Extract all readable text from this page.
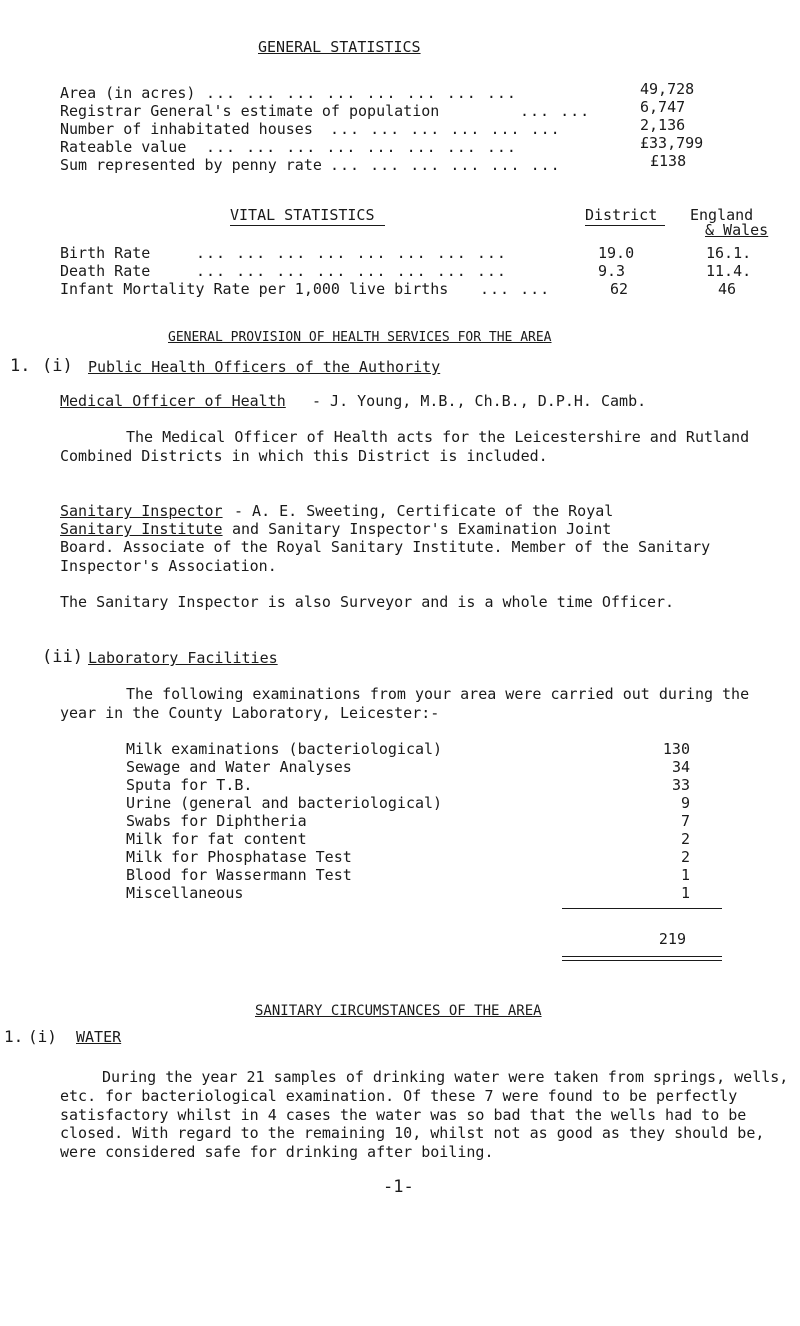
GENERAL STATISTICS
Area (in acres) ... ... ... ... ... ... ... ...	49,728
Registrar General's estimate of population	... ...	6,747
Number of inhabitated houses ... ... ... ... ... ...	2,136
Rateable value ... ... ... ... ... ... ... ...	£33,799
Sum represented by penny rate ... ... ... ... ... ...	£138
VITAL STATISTICS	District England
& Wales
Birth Rate	... ... ... ... ... ... ... ...	19.0	16.1.
Death Rate	... ... ... ... ... ... ... ...	9.3	11.4.
Infant Mortality Rate per 1,000 live births ... ...	62	46
GENERAL PROVISION OF HEALTH SERVICES FOR THE AREA
1. (i) Public Health Officers of the Authority
Medical Officer of Health - J. Young, M.B., Ch.B., D.P.H. Camb.
The Medical Officer of Health acts for the Leicestershire and Rutland Combined Districts in which this District is included.
Sanitary Inspector - A. E. Sweeting, Certificate of the Royal
Sanitary Institute and Sanitary Inspector's Examination Joint
Board. Associate of the Royal Sanitary Institute. Member of the Sanitary Inspector's Association.
The Sanitary Inspector is also Surveyor and is a whole time Officer.
(ii) Laboratory Facilities
The following examinations from your area were carried out during the year in the County Laboratory, Leicester:-
Milk examinations (bacteriological)	130
Sewage and Water Analyses	34
Sputa for T.B.	33
Urine (general and bacteriological)	9
Swabs for Diphtheria	7
Milk for fat content	2
Milk for Phosphatase Test	2
Blood for Wassermann Test	1
Miscellaneous	1
219
SANITARY CIRCUMSTANCES OF THE AREA
1. (i) WATER
During the year 21 samples of drinking water were taken from springs, wells, etc. for bacteriological examination. Of these 7 were found to be perfectly satisfactory whilst in 4 cases the water was so bad that the wells had to be closed. With regard to the remaining 10, whilst not as good as they should be, were considered safe for drinking after boiling.
-1-
